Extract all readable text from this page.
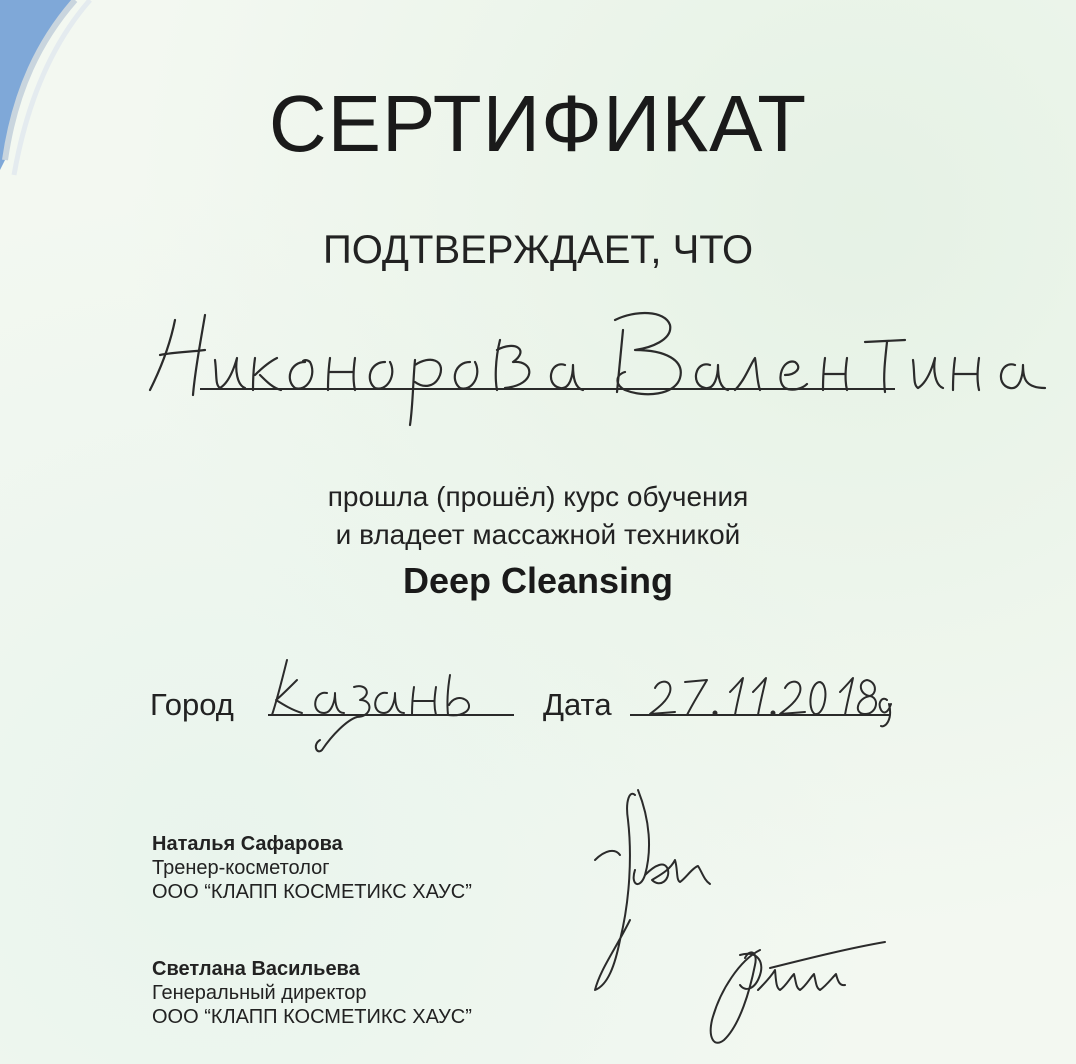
СЕРТИФИКАТ
ПОДТВЕРЖДАЕТ, ЧТО
прошла (прошёл) курс обучения
и владеет массажной техникой
Deep Cleansing
Город	Дата
Наталья Сафарова
Тренер-косметолог
ООО “КЛАПП КОСМЕТИКС ХАУС”
Светлана Васильева
Генеральный директор
ООО “КЛАПП КОСМЕТИКС ХАУС”
